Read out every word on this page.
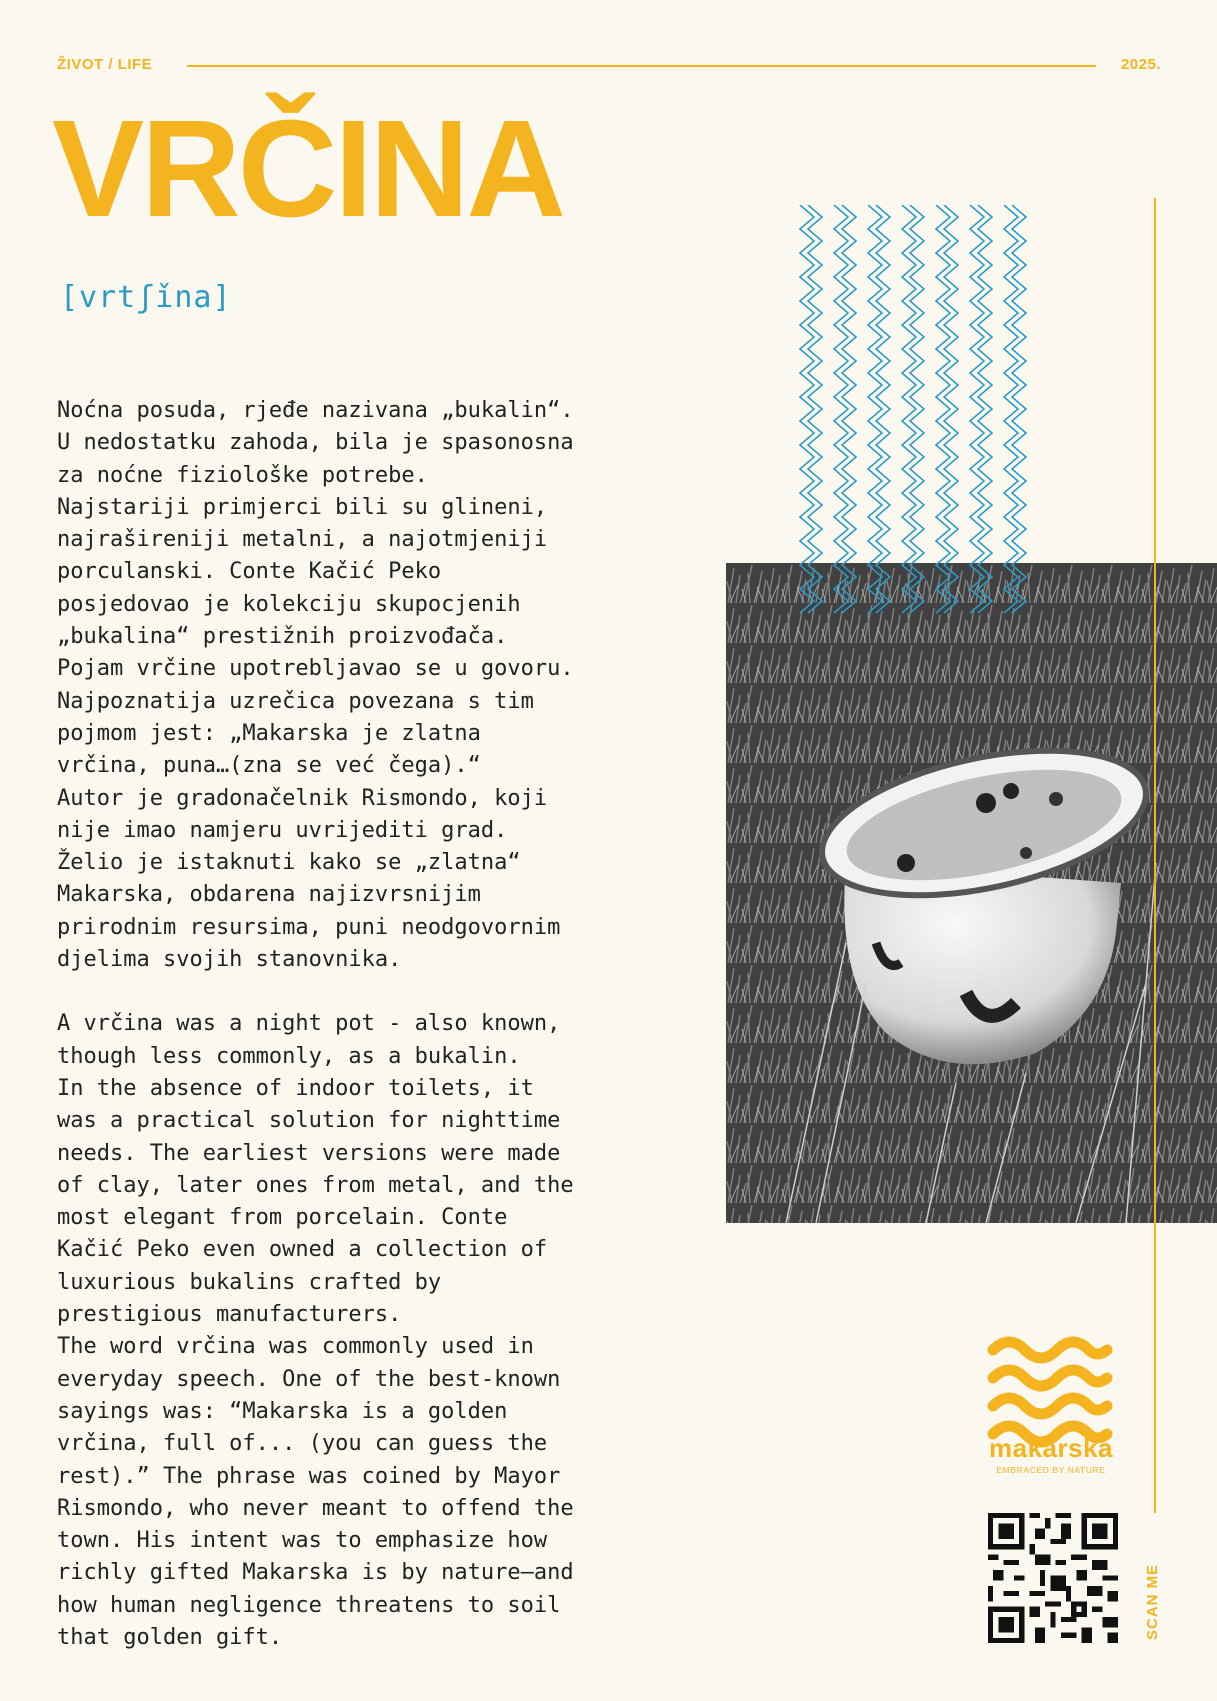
ŽIVOT / LIFE	2025.
VRČINA
[vrtʃǐna]

Noćna posuda, rjeđe nazivana „bukalin“.
U nedostatku zahoda, bila je spasonosna
za noćne fiziološke potrebe.
Najstariji primjerci bili su glineni,
najrašireniji metalni, a najotmjeniji
porculanski. Conte Kačić Peko
posjedovao je kolekciju skupocjenih
„bukalina“ prestižnih proizvođača.
Pojam vrčine upotrebljavao se u govoru.
Najpoznatija uzrečica povezana s tim
pojmom jest: „Makarska je zlatna
vrčina, puna…(zna se već čega).“
Autor je gradonačelnik Rismondo, koji
nije imao namjeru uvrijediti grad.
Želio je istaknuti kako se „zlatna“
Makarska, obdarena najizvrsnijim
prirodnim resursima, puni neodgovornim
djelima svojih stanovnika.

A vrčina was a night pot - also known,
though less commonly, as a bukalin.
In the absence of indoor toilets, it
was a practical solution for nighttime
needs. The earliest versions were made
of clay, later ones from metal, and the
most elegant from porcelain. Conte
Kačić Peko even owned a collection of
luxurious bukalins crafted by
prestigious manufacturers.
The word vrčina was commonly used in
everyday speech. One of the best-known
sayings was: “Makarska is a golden
vrčina, full of... (you can guess the
rest).” The phrase was coined by Mayor
Rismondo, who never meant to offend the
town. His intent was to emphasize how
richly gifted Makarska is by nature—and
how human negligence threatens to soil
that golden gift.

makarska
EMBRACED BY NATURE
SCAN ME
